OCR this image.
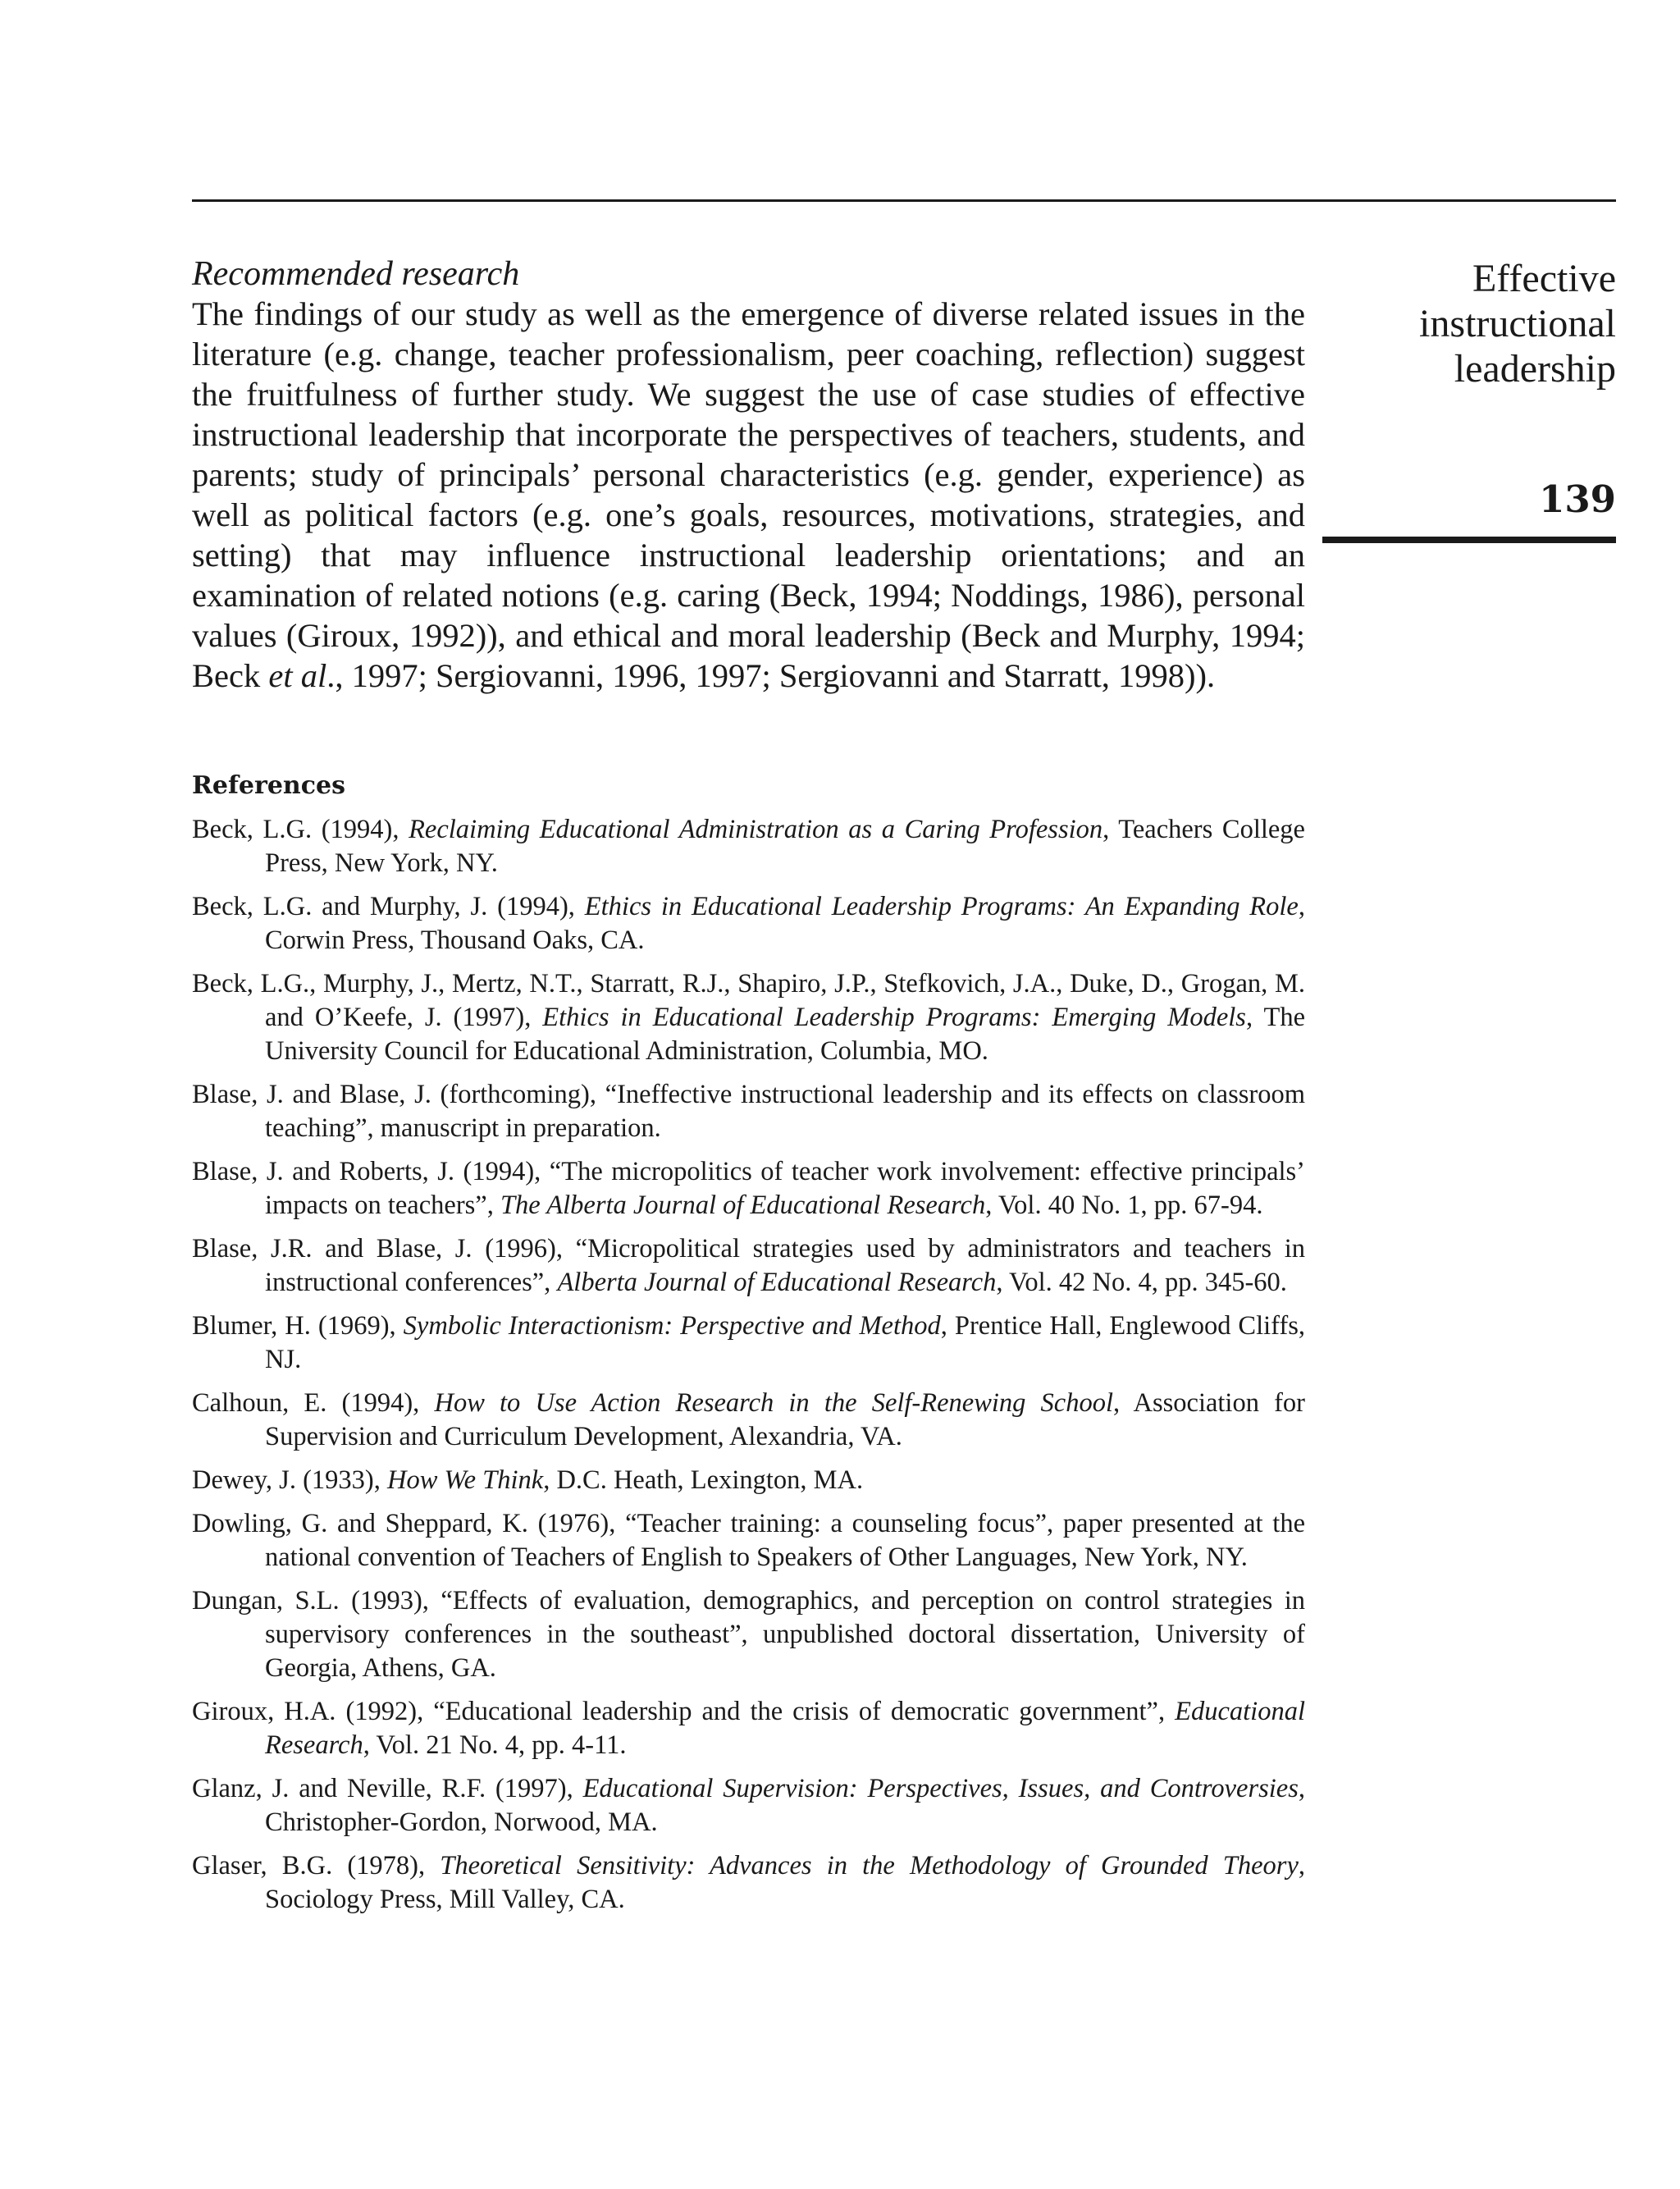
Recommended research

The findings of our study as well as the emergence of diverse related issues in the literature (e.g. change, teacher professionalism, peer coaching, reflection) suggest the fruitfulness of further study. We suggest the use of case studies of effective instructional leadership that incorporate the perspectives of teachers, students, and parents; study of principals’ personal characteristics (e.g. gender, experience) as well as political factors (e.g. one’s goals, resources, motivations, strategies, and setting) that may influence instructional leadership orientations; and an examination of related notions (e.g. caring (Beck, 1994; Noddings, 1986), personal values (Giroux, 1992)), and ethical and moral leadership (Beck and Murphy, 1994; Beck et al., 1997; Sergiovanni, 1996, 1997; Sergiovanni and Starratt, 1998)).

Effective
instructional
leadership
139

References

Beck, L.G. (1994), Reclaiming Educational Administration as a Caring Profession, Teachers College Press, New York, NY.

Beck, L.G. and Murphy, J. (1994), Ethics in Educational Leadership Programs: An Expanding Role, Corwin Press, Thousand Oaks, CA.

Beck, L.G., Murphy, J., Mertz, N.T., Starratt, R.J., Shapiro, J.P., Stefkovich, J.A., Duke, D., Grogan, M. and O’Keefe, J. (1997), Ethics in Educational Leadership Programs: Emerging Models, The University Council for Educational Administration, Columbia, MO.

Blase, J. and Blase, J. (forthcoming), “Ineffective instructional leadership and its effects on classroom teaching”, manuscript in preparation.

Blase, J. and Roberts, J. (1994), “The micropolitics of teacher work involvement: effective principals’ impacts on teachers”, The Alberta Journal of Educational Research, Vol. 40 No. 1, pp. 67-94.

Blase, J.R. and Blase, J. (1996), “Micropolitical strategies used by administrators and teachers in instructional conferences”, Alberta Journal of Educational Research, Vol. 42 No. 4, pp. 345-60.

Blumer, H. (1969), Symbolic Interactionism: Perspective and Method, Prentice Hall, Englewood Cliffs, NJ.

Calhoun, E. (1994), How to Use Action Research in the Self-Renewing School, Association for Supervision and Curriculum Development, Alexandria, VA.

Dewey, J. (1933), How We Think, D.C. Heath, Lexington, MA.

Dowling, G. and Sheppard, K. (1976), “Teacher training: a counseling focus”, paper presented at the national convention of Teachers of English to Speakers of Other Languages, New York, NY.

Dungan, S.L. (1993), “Effects of evaluation, demographics, and perception on control strategies in supervisory conferences in the southeast”, unpublished doctoral dissertation, University of Georgia, Athens, GA.

Giroux, H.A. (1992), “Educational leadership and the crisis of democratic government”, Educational Research, Vol. 21 No. 4, pp. 4-11.

Glanz, J. and Neville, R.F. (1997), Educational Supervision: Perspectives, Issues, and Controversies, Christopher-Gordon, Norwood, MA.

Glaser, B.G. (1978), Theoretical Sensitivity: Advances in the Methodology of Grounded Theory, Sociology Press, Mill Valley, CA.
